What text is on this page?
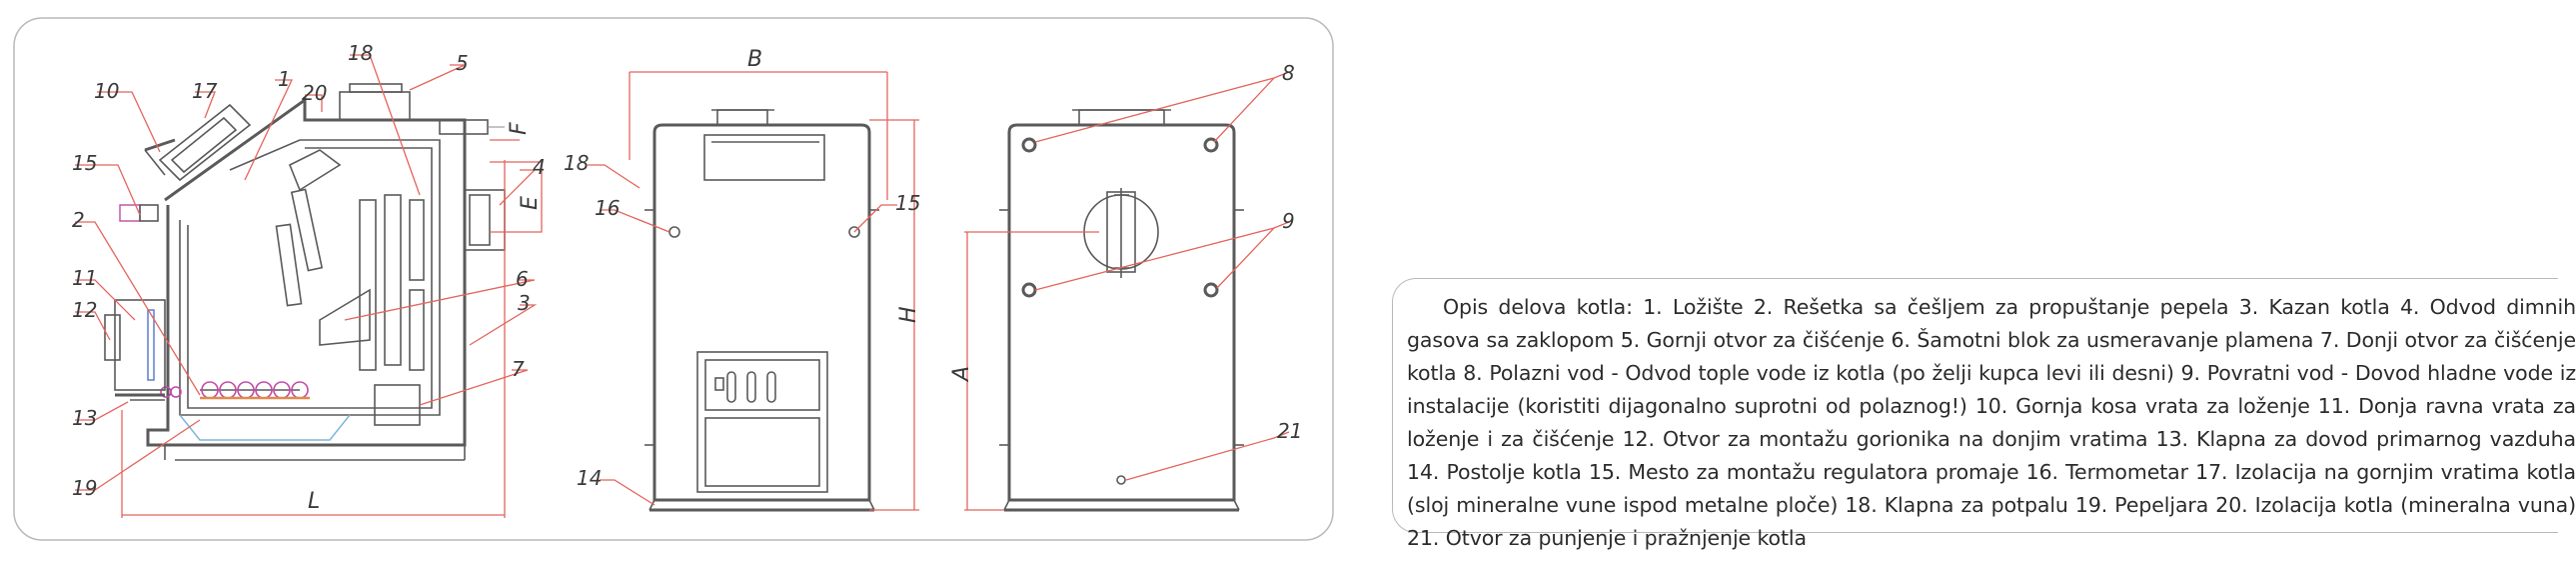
L
E
F
10	17	1
20
18	5
4
6
3
7
15
2
11
12
13
19
B
H
18
16	15
14
A
8
9
21

Opis delova kotla: 1. Ložište 2. Rešetka sa češljem za propuštanje pepela 3. Kazan kotla 4. Odvod dimnih gasova sa zaklopom 5. Gornji otvor za čišćenje 6. Šamotni blok za usmeravanje plamena 7. Donji otvor za čišćenje kotla 8. Polazni vod - Odvod tople vode iz kotla (po želji kupca levi ili desni) 9. Povratni vod - Dovod hladne vode iz instalacije (koristiti dijagonalno suprotni od polaznog!) 10. Gornja kosa vrata za loženje 11. Donja ravna vrata za loženje i za čišćenje 12. Otvor za montažu gorionika na donjim vratima 13. Klapna za dovod primarnog vazduha 14. Postolje kotla 15. Mesto za montažu regulatora promaje 16. Termometar 17. Izolacija na gornjim vratima kotla (sloj mineralne vune ispod metalne ploče) 18. Klapna za potpalu 19. Pepeljara 20. Izolacija kotla (mineralna vuna) 21. Otvor za punjenje i pražnjenje kotla
